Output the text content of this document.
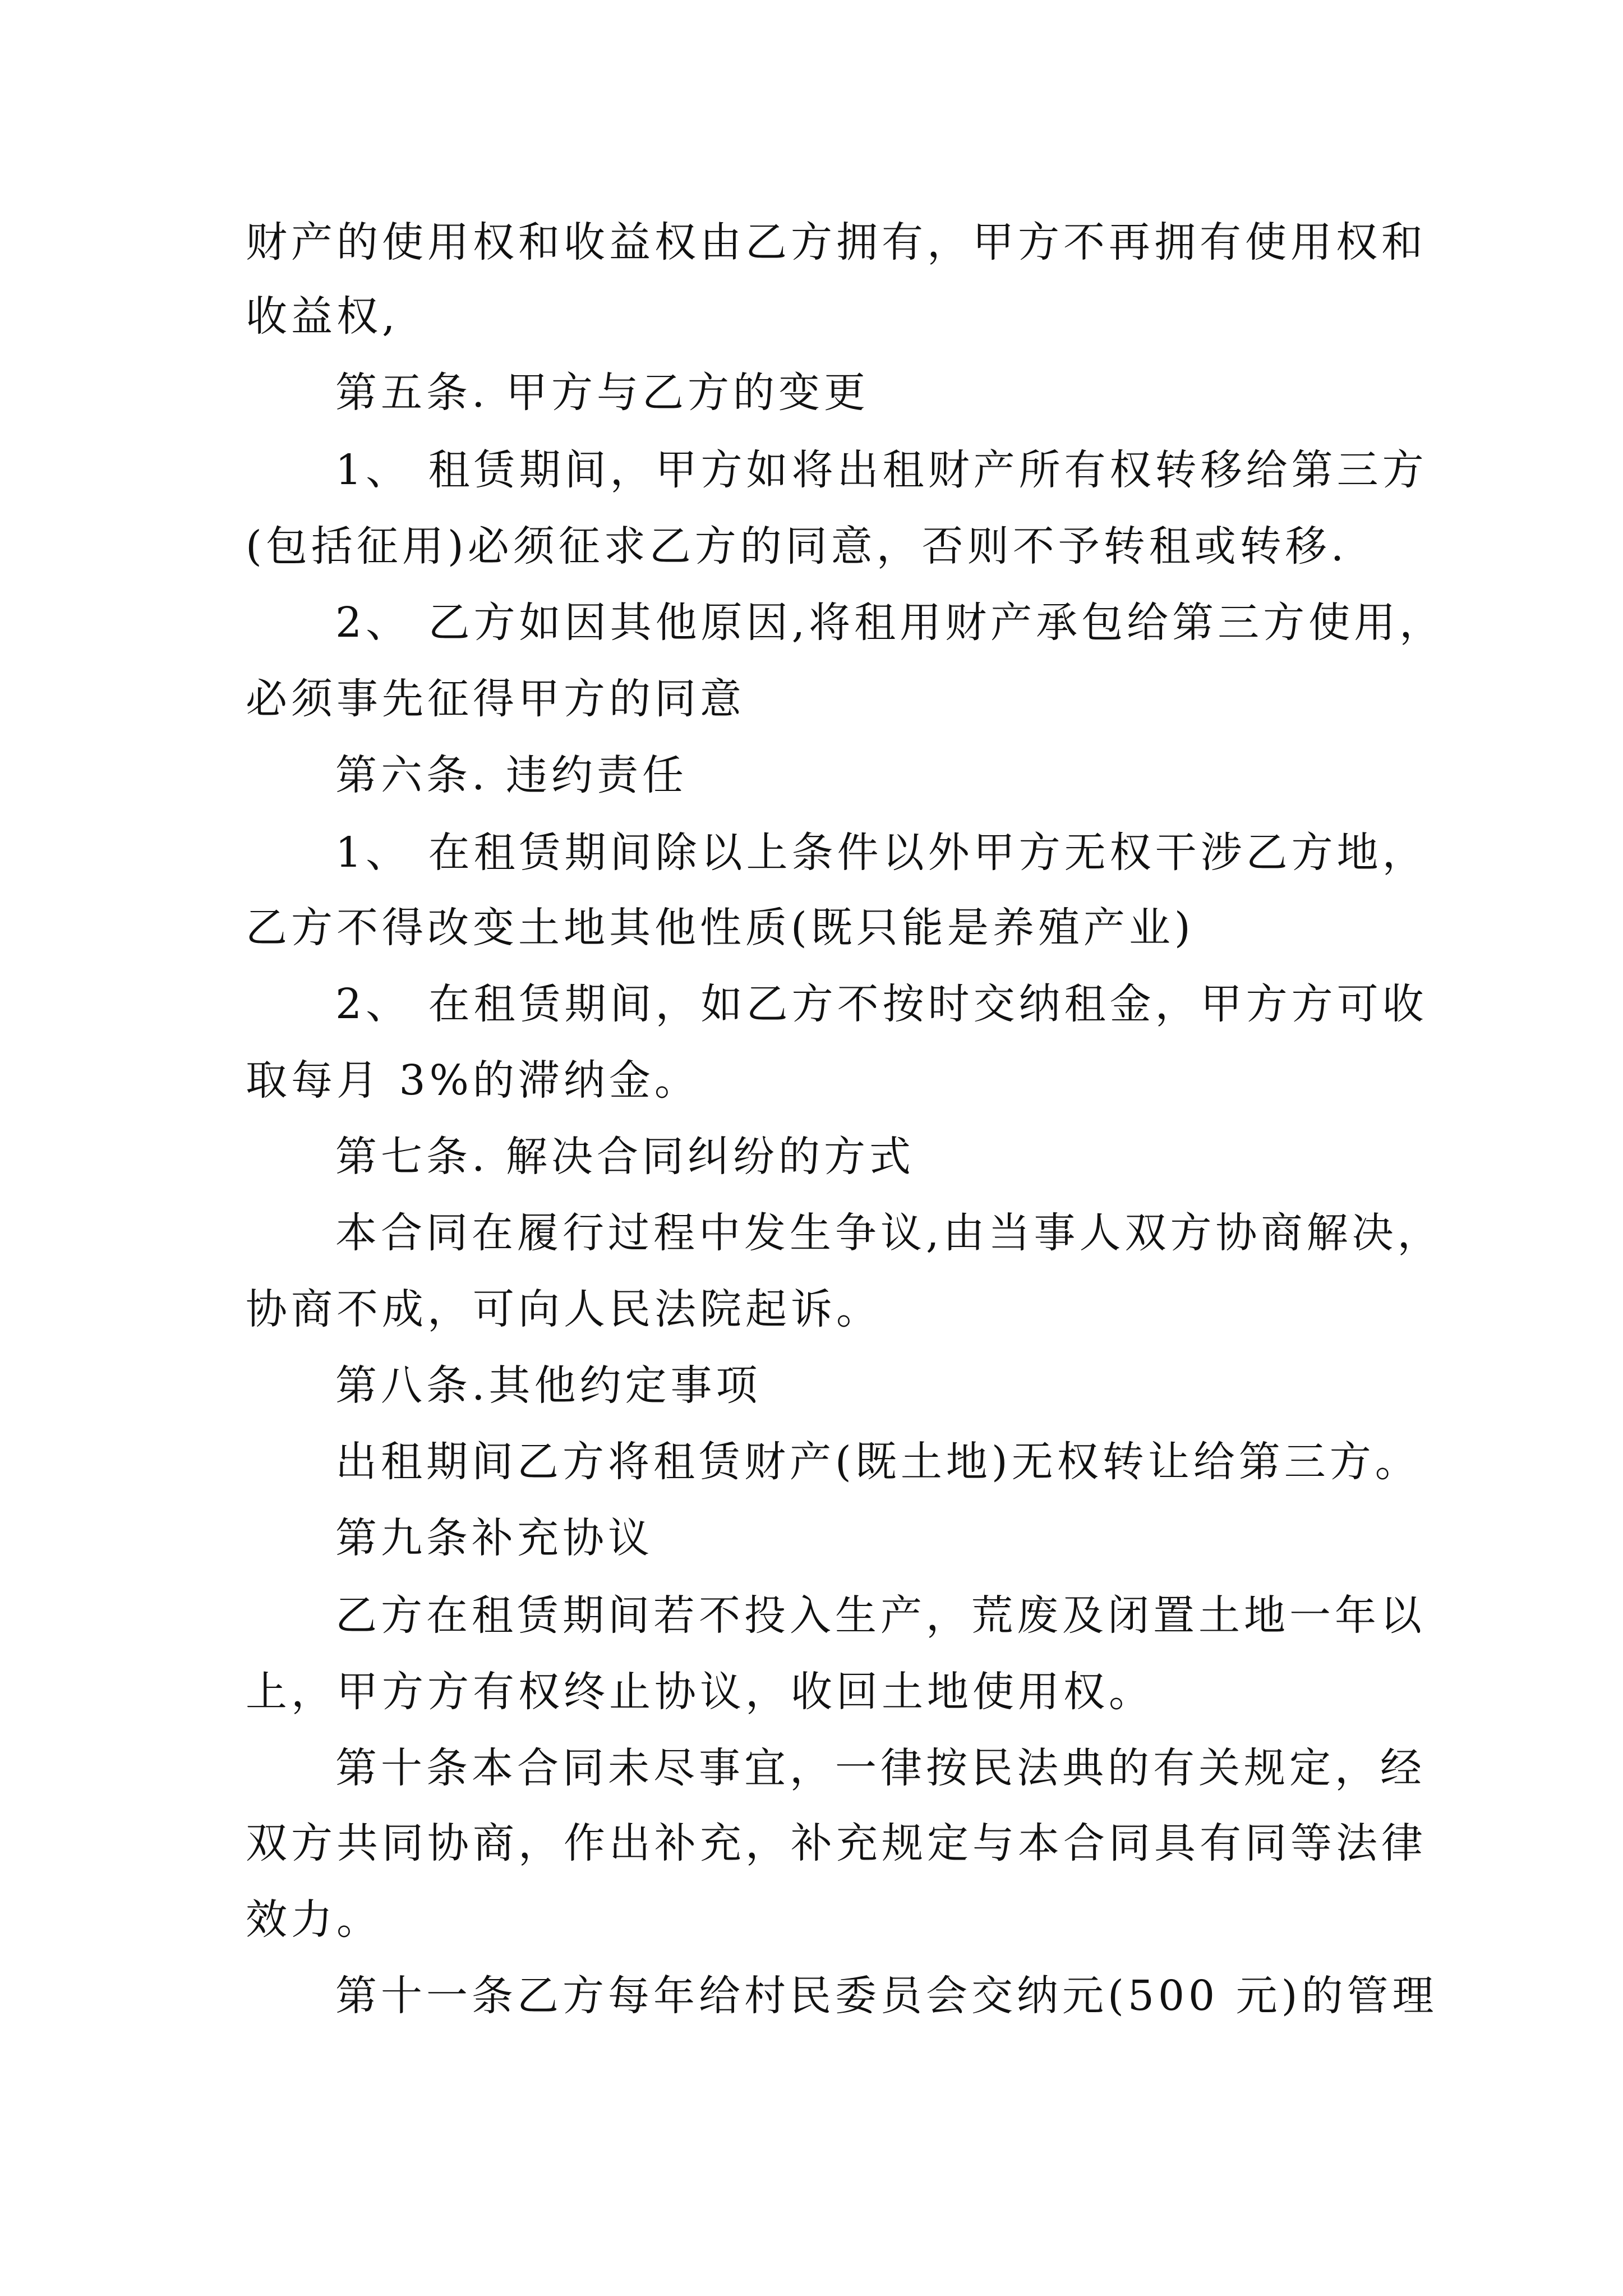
财产的使用权和收益权由乙方拥有，甲方不再拥有使用权和
收益权,
第五条. 甲方与乙方的变更
1、 租赁期间，甲方如将出租财产所有权转移给第三方
(包括征用)必须征求乙方的同意，否则不予转租或转移.
2、 乙方如因其他原因,将租用财产承包给第三方使用，
必须事先征得甲方的同意
第六条. 违约责任
1、 在租赁期间除以上条件以外甲方无权干涉乙方地，
乙方不得改变土地其他性质(既只能是养殖产业)
2、 在租赁期间，如乙方不按时交纳租金，甲方方可收
取每月 3%的滞纳金。
第七条. 解决合同纠纷的方式
本合同在履行过程中发生争议,由当事人双方协商解决，
协商不成，可向人民法院起诉。
第八条.其他约定事项
出租期间乙方将租赁财产(既土地)无权转让给第三方。
第九条补充协议
乙方在租赁期间若不投入生产，荒废及闭置土地一年以
上，甲方方有权终止协议，收回土地使用权。
第十条本合同未尽事宜，一律按民法典的有关规定，经
双方共同协商，作出补充，补充规定与本合同具有同等法律
效力。
第十一条乙方每年给村民委员会交纳元(500 元)的管理
